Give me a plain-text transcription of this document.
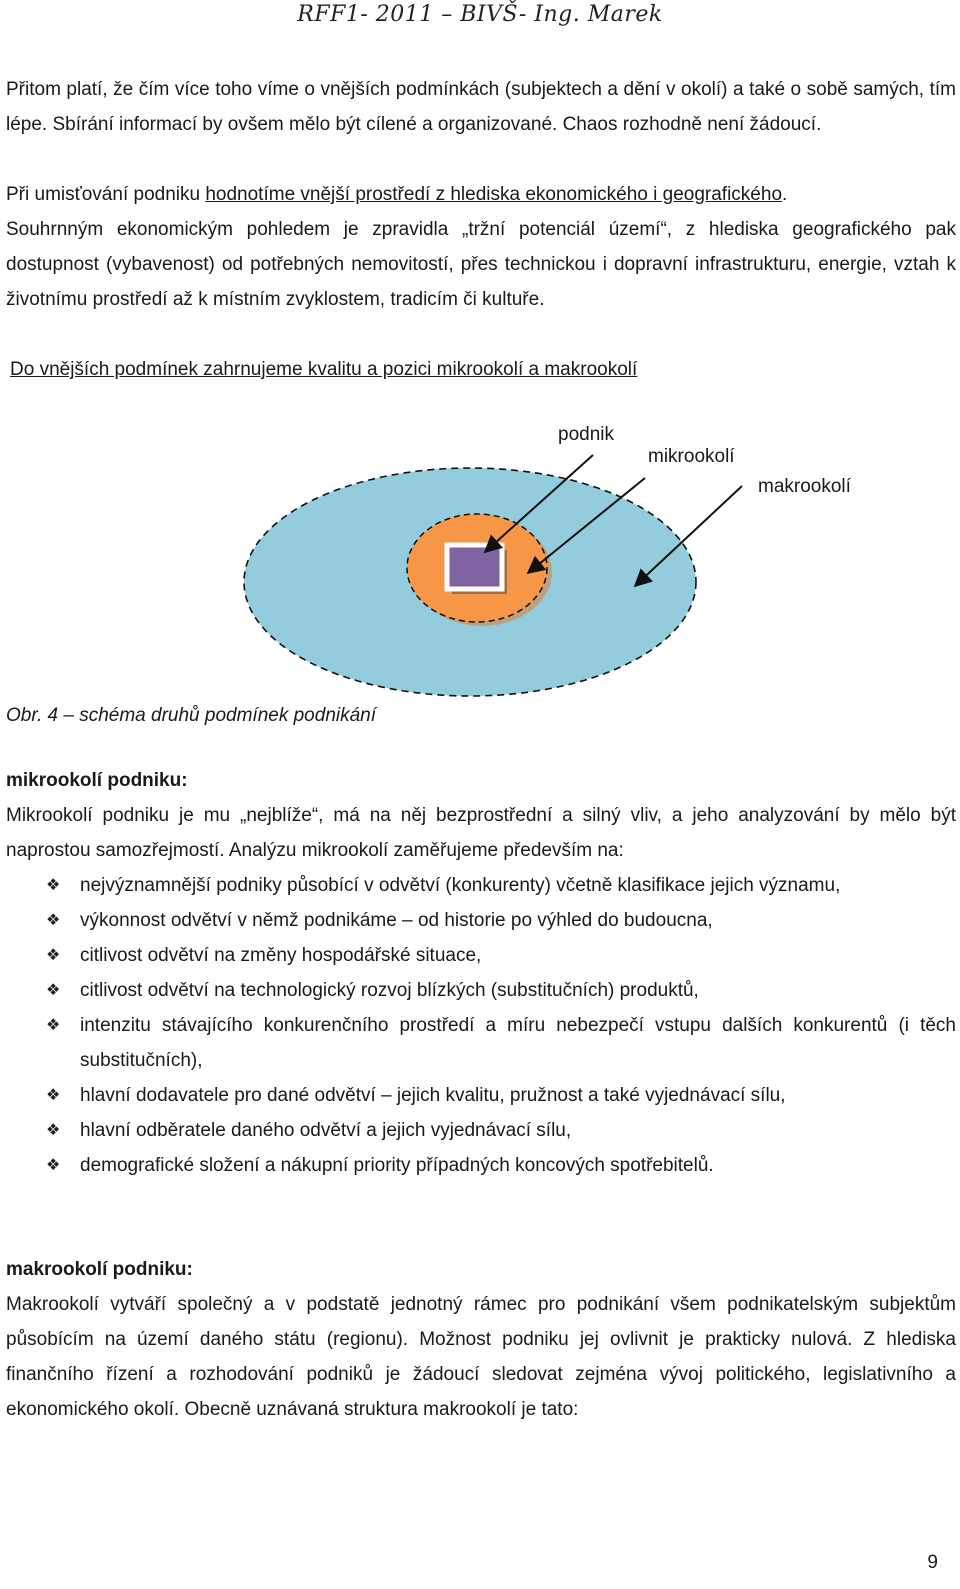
RFF1- 2011 – BIVŠ- Ing. Marek
Přitom platí, že čím více toho víme o vnějších podmínkách (subjektech a dění v okolí) a také o sobě samých, tím lépe. Sbírání informací by ovšem mělo být cílené a organizované. Chaos rozhodně není žádoucí.
Při umisťování podniku hodnotíme vnější prostředí z hlediska ekonomického i geografického.
Souhrnným ekonomickým pohledem je zpravidla „tržní potenciál území“, z hlediska geografického pak dostupnost (vybavenost) od potřebných nemovitostí, přes technickou i dopravní infrastrukturu, energie, vztah k životnímu prostředí až k místním zvyklostem, tradicím či kultuře.
Do vnějších podmínek zahrnujeme kvalitu a pozici mikrookolí a makrookolí
podnik
mikrookolí
makrookolí
Obr. 4 – schéma druhů podmínek podnikání
mikrookolí podniku:
Mikrookolí podniku je mu „nejblíže“, má na něj bezprostřední a silný vliv, a jeho analyzování by mělo být naprostou samozřejmostí. Analýzu mikrookolí zaměřujeme především na:
❖ nejvýznamnější podniky působící v odvětví (konkurenty) včetně klasifikace jejich významu,
❖ výkonnost odvětví v němž podnikáme – od historie po výhled do budoucna,
❖ citlivost odvětví na změny hospodářské situace,
❖ citlivost odvětví na technologický rozvoj blízkých (substitučních) produktů,
❖ intenzitu stávajícího konkurenčního prostředí a míru nebezpečí vstupu dalších konkurentů (i těch substitučních),
❖ hlavní dodavatele pro dané odvětví – jejich kvalitu, pružnost a také vyjednávací sílu,
❖ hlavní odběratele daného odvětví a jejich vyjednávací sílu,
❖ demografické složení a nákupní priority případných koncových spotřebitelů.
makrookolí podniku:
Makrookolí vytváří společný a v podstatě jednotný rámec pro podnikání všem podnikatelským subjektům působícím na území daného státu (regionu). Možnost podniku jej ovlivnit je prakticky nulová. Z hlediska finančního řízení a rozhodování podniků je žádoucí sledovat zejména vývoj politického, legislativního a ekonomického okolí. Obecně uznávaná struktura makrookolí je tato:
9
